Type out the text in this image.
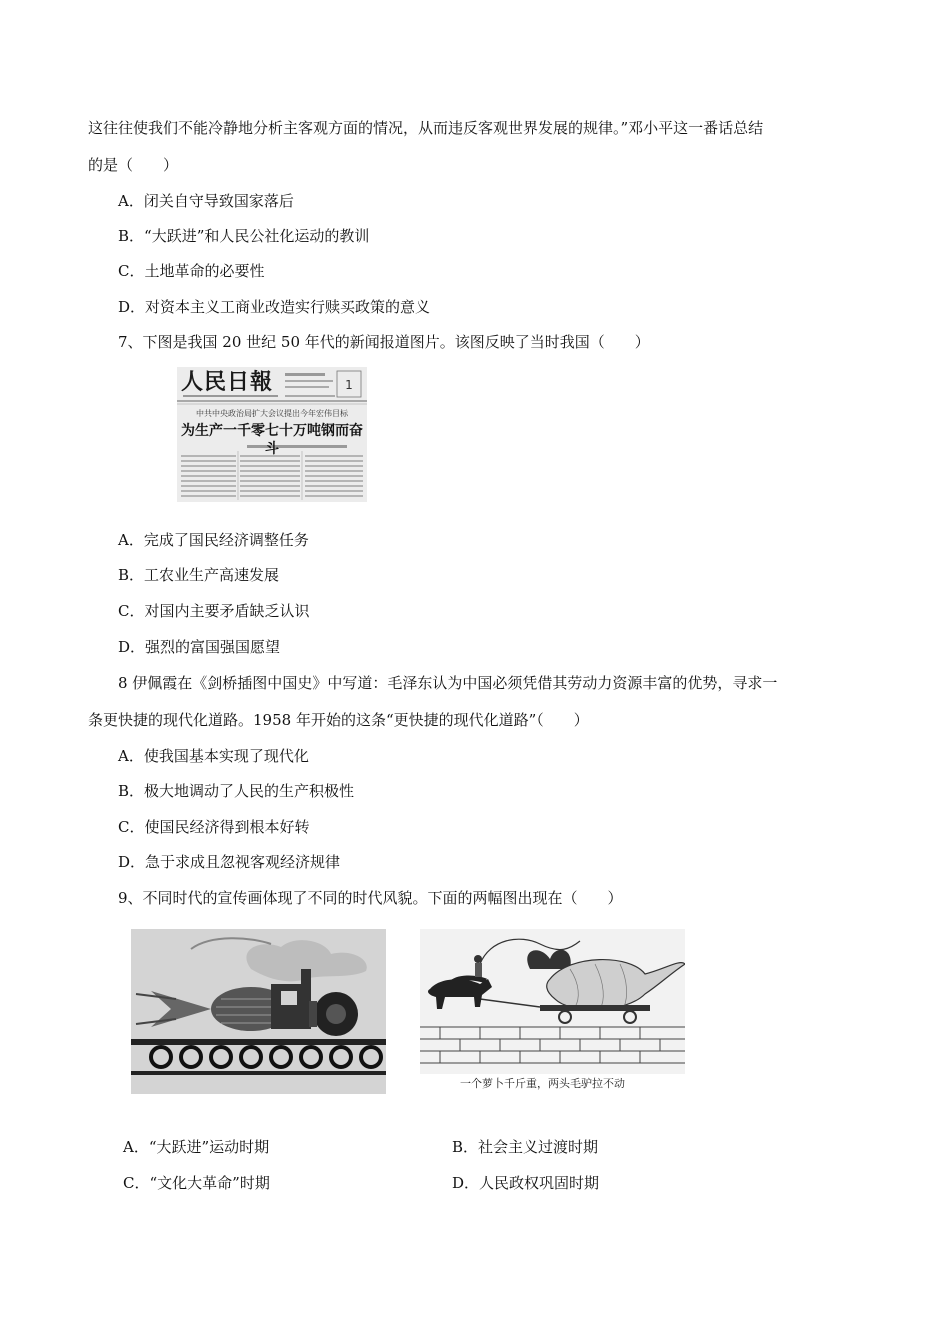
这往往使我们不能冷静地分析主客观方面的情况，从而违反客观世界发展的规律。”邓小平这一番话总结
的是（　　）
A．闭关自守导致国家落后
B．“大跃进”和人民公社化运动的教训
C．土地革命的必要性
D．对资本主义工商业改造实行赎买政策的意义
7、下图是我国 20 世纪 50 年代的新闻报道图片。该图反映了当时我国（　　）
1
人民日報
中共中央政治局扩大会议提出今年宏伟目标
为生产一千零七十万吨钢而奋斗
A．完成了国民经济调整任务
B．工农业生产高速发展
C．对国内主要矛盾缺乏认识
D．强烈的富国强国愿望
8 伊佩霞在《剑桥插图中国史》中写道：毛泽东认为中国必须凭借其劳动力资源丰富的优势，寻求一
条更快捷的现代化道路。1958 年开始的这条“更快捷的现代化道路”（　　）
A．使我国基本实现了现代化
B．极大地调动了人民的生产积极性
C．使国民经济得到根本好转
D．急于求成且忽视客观经济规律
9、不同时代的宣传画体现了不同的时代风貌。下面的两幅图出现在（　　）
一个萝卜千斤重，两头毛驴拉不动
A．“大跃进”运动时期	B．社会主义过渡时期
C．“文化大革命”时期	D．人民政权巩固时期
